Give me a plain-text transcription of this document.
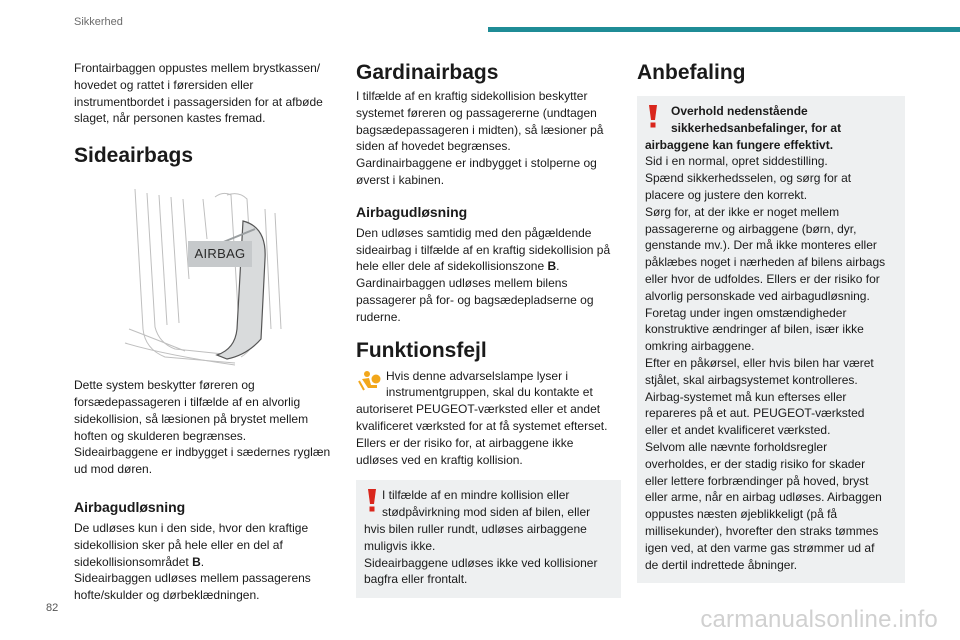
Sikkerhed

Frontairbaggen oppustes mellem brystkassen/
hovedet og rattet i førersiden eller
instrumentbordet i passagersiden for at afbøde
slaget, når personen kastes fremad.

Sideairbags
AIRBAG

Dette system beskytter føreren og
forsædepassageren i tilfælde af en alvorlig
sidekollision, så læsionen på brystet mellem
hoften og skulderen begrænses.
Sideairbaggene er indbygget i sædernes ryglæn
ud mod døren.

Airbagudløsning

De udløses kun i den side, hvor den kraftige
sidekollision sker på hele eller en del af
sidekollisionsområdet B.
Sideairbaggen udløses mellem passagerens
hofte/skulder og dørbeklædningen.

Gardinairbags

I tilfælde af en kraftig sidekollision beskytter
systemet føreren og passagererne (undtagen
bagsædepassageren i midten), så læsioner på
siden af hovedet begrænses.
Gardinairbaggene er indbygget i stolperne og
øverst i kabinen.

Airbagudløsning

Den udløses samtidig med den pågældende
sideairbag i tilfælde af en kraftig sidekollision på
hele eller dele af sidekollisionszone B.
Gardinairbaggen udløses mellem bilens
passagerer på for- og bagsædepladserne og
ruderne.

Funktionsfejl

Hvis denne advarselslampe lyser i
instrumentgruppen, skal du kontakte et
autoriseret PEUGEOT-værksted eller et andet
kvalificeret værksted for at få systemet efterset.
Ellers er der risiko for, at airbaggene ikke
udløses ved en kraftig kollision.

I tilfælde af en mindre kollision eller
stødpåvirkning mod siden af bilen, eller
hvis bilen ruller rundt, udløses airbaggene
muligvis ikke.
Sideairbaggene udløses ikke ved kollisioner
bagfra eller frontalt.

Anbefaling

Overhold nedenstående
sikkerhedsanbefalinger, for at
airbaggene kan fungere effektivt.
Sid i en normal, opret siddestilling.
Spænd sikkerhedsselen, og sørg for at
placere og justere den korrekt.
Sørg for, at der ikke er noget mellem
passagererne og airbaggene (børn, dyr,
genstande mv.). Der må ikke monteres eller
påklæbes noget i nærheden af bilens airbags
eller hvor de udfoldes. Ellers er der risiko for
alvorlig personskade ved airbagudløsning.
Foretag under ingen omstændigheder
konstruktive ændringer af bilen, især ikke
omkring airbaggene.
Efter en påkørsel, eller hvis bilen har været
stjålet, skal airbagsystemet kontrolleres.
Airbag-systemet må kun efterses eller
repareres på et aut. PEUGEOT-værksted
eller et andet kvalificeret værksted.
Selvom alle nævnte forholdsregler
overholdes, er der stadig risiko for skader
eller lettere forbrændinger på hoved, bryst
eller arme, når en airbag udløses. Airbaggen
oppustes næsten øjeblikkeligt (på få
millisekunder), hvorefter den straks tømmes
igen ved, at den varme gas strømmer ud af
de dertil indrettede åbninger.

82	carmanualsonline.info
